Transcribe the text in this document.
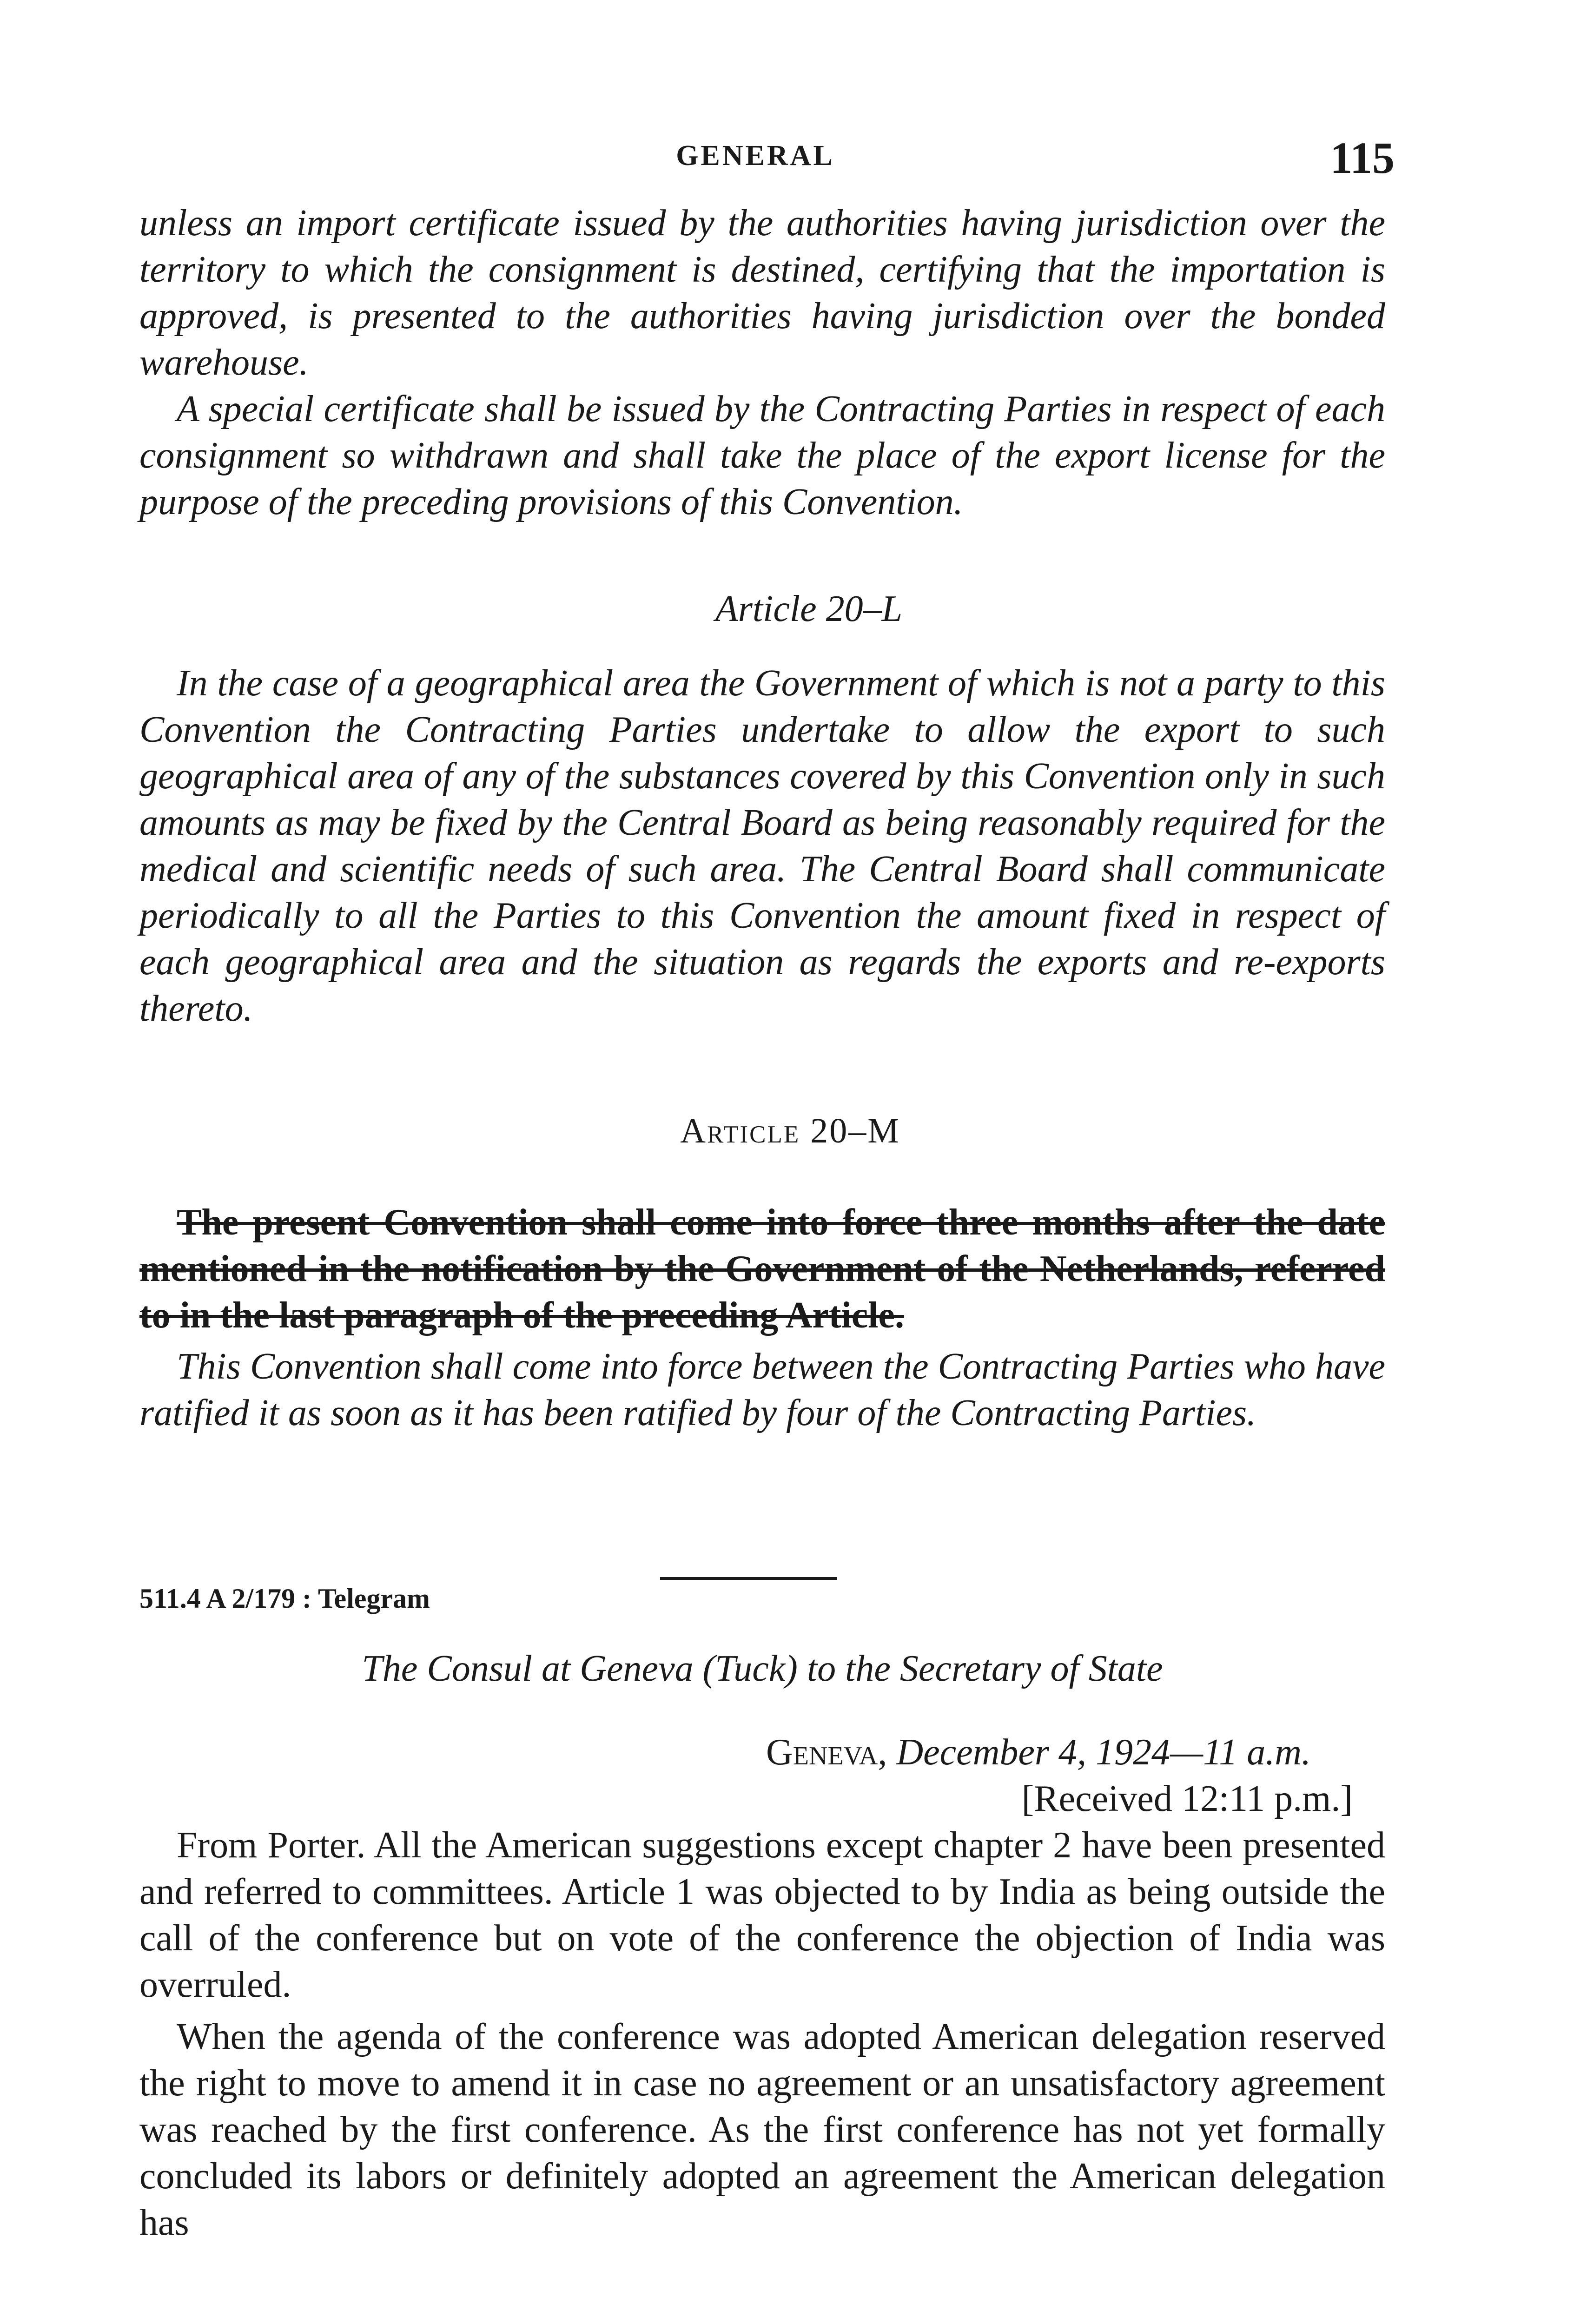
GENERAL	115

unless an import certificate issued by the authorities having jurisdiction over the territory to which the consignment is destined, certifying that the importation is approved, is presented to the authorities having jurisdiction over the bonded warehouse.

A special certificate shall be issued by the Contracting Parties in respect of each consignment so withdrawn and shall take the place of the export license for the purpose of the preceding provisions of this Convention.

Article 20–L

In the case of a geographical area the Government of which is not a party to this Convention the Contracting Parties undertake to allow the export to such geographical area of any of the substances covered by this Convention only in such amounts as may be fixed by the Central Board as being reasonably required for the medical and scientific needs of such area. The Central Board shall communicate periodically to all the Parties to this Convention the amount fixed in respect of each geographical area and the situation as regards the exports and re-exports thereto.

Article 20–M

The present Convention shall come into force three months after the date mentioned in the notification by the Government of the Netherlands, referred to in the last paragraph of the preceding Article.

This Convention shall come into force between the Contracting Parties who have ratified it as soon as it has been ratified by four of the Contracting Parties.

511.4 A 2/179 : Telegram
The Consul at Geneva (Tuck) to the Secretary of State
Geneva, December 4, 1924—11 a.m.
[Received 12:11 p.m.]

From Porter. All the American suggestions except chapter 2 have been presented and referred to committees. Article 1 was objected to by India as being outside the call of the conference but on vote of the conference the objection of India was overruled.

When the agenda of the conference was adopted American delegation reserved the right to move to amend it in case no agreement or an unsatisfactory agreement was reached by the first conference. As the first conference has not yet formally concluded its labors or definitely adopted an agreement the American delegation has
